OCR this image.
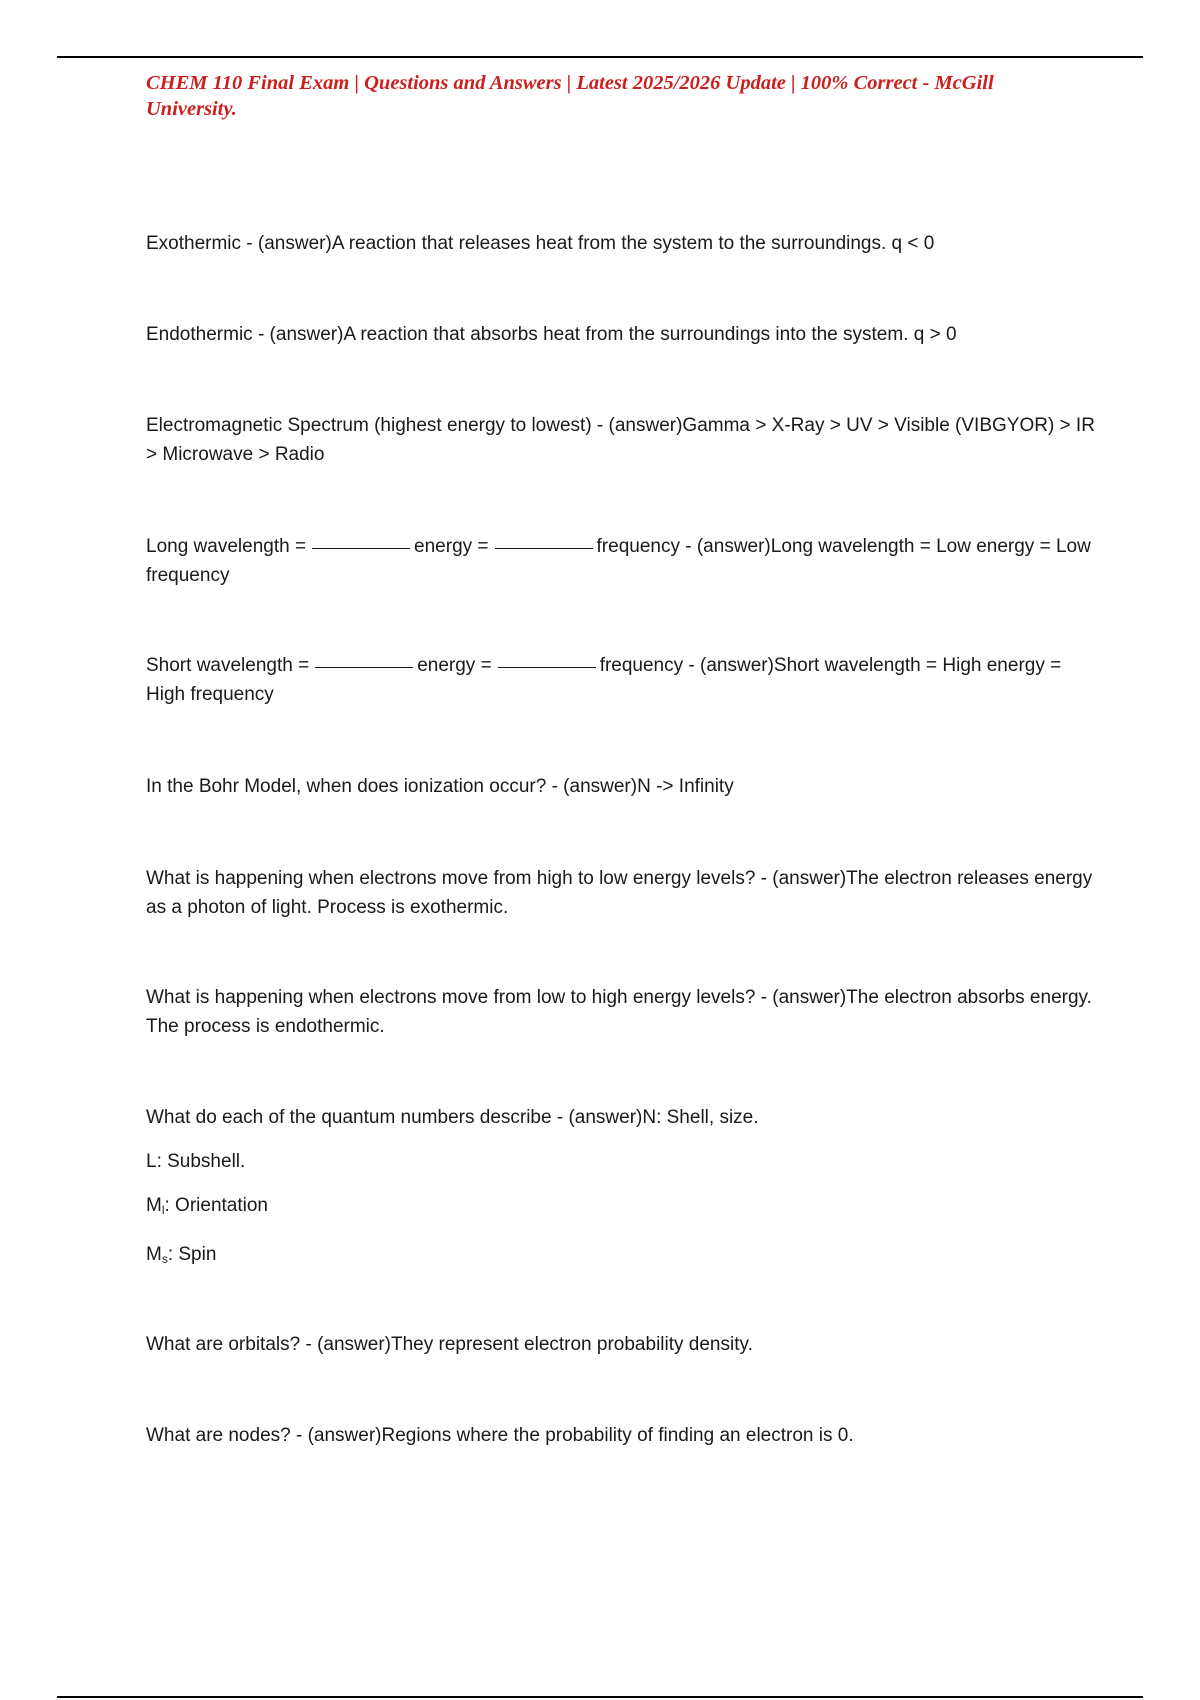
CHEM 110 Final Exam | Questions and Answers | Latest 2025/2026 Update | 100% Correct - McGill University.

Exothermic - (answer)A reaction that releases heat from the system to the surroundings. q < 0

Endothermic - (answer)A reaction that absorbs heat from the surroundings into the system. q > 0

Electromagnetic Spectrum (highest energy to lowest) - (answer)Gamma > X-Ray > UV > Visible (VIBGYOR) > IR > Microwave > Radio

Long wavelength =	energy =	frequency - (answer)Long wavelength = Low energy = Low frequency

Short wavelength =	energy =	frequency - (answer)Short wavelength = High energy = High frequency

In the Bohr Model, when does ionization occur? - (answer)N -> Infinity

What is happening when electrons move from high to low energy levels? - (answer)The electron releases energy as a photon of light. Process is exothermic.

What is happening when electrons move from low to high energy levels? - (answer)The electron absorbs energy. The process is endothermic.

What do each of the quantum numbers describe - (answer)N: Shell, size.
L: Subshell.
$M_l$: Orientation
$M_s$: Spin

What are orbitals? - (answer)They represent electron probability density.

What are nodes? - (answer)Regions where the probability of finding an electron is 0.
